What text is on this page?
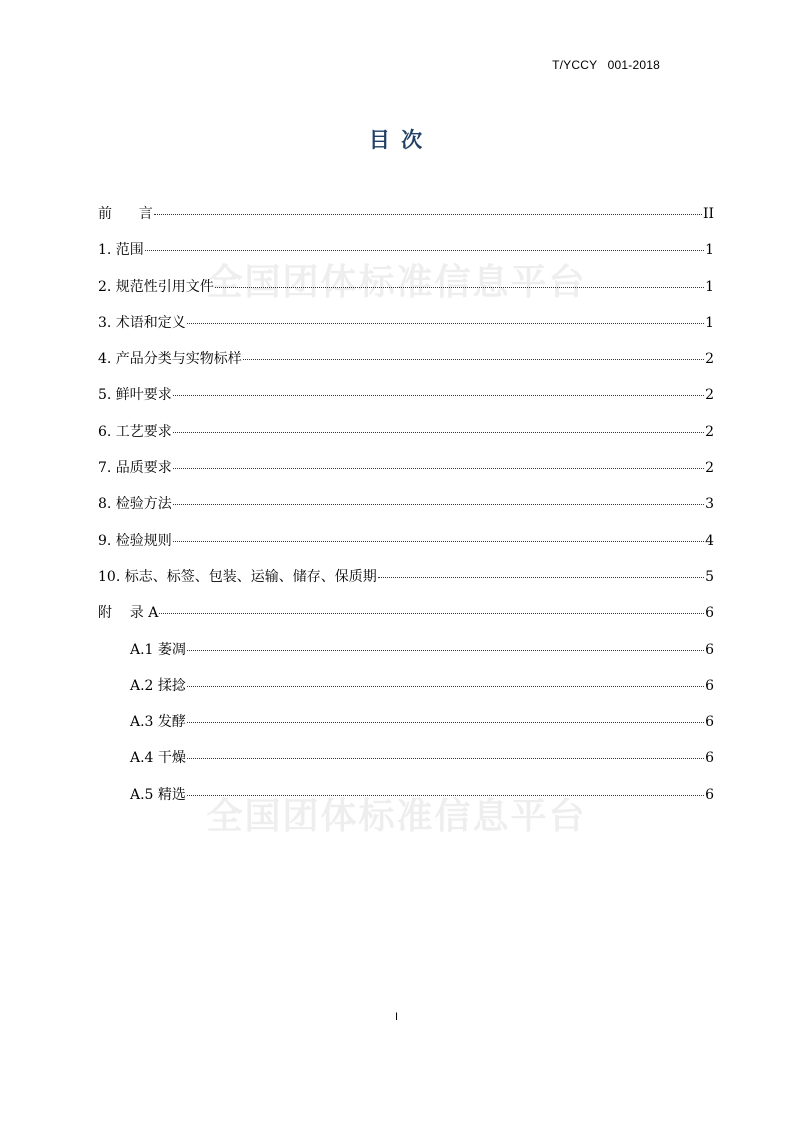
T/YCCY   001-2018
目 次
全国团体标准信息平台
全国团体标准信息平台
前      言	II
1. 范围	1
2. 规范性引用文件	1
3. 术语和定义	1
4. 产品分类与实物标样	2
5. 鲜叶要求	2
6. 工艺要求	2
7. 品质要求	2
8. 检验方法	3
9. 检验规则	4
10. 标志、标签、包装、运输、储存、保质期	5
附    录 A	6
A.1 萎凋	6
A.2 揉捻	6
A.3 发酵	6
A.4 干燥	6
A.5 精选	6
I
